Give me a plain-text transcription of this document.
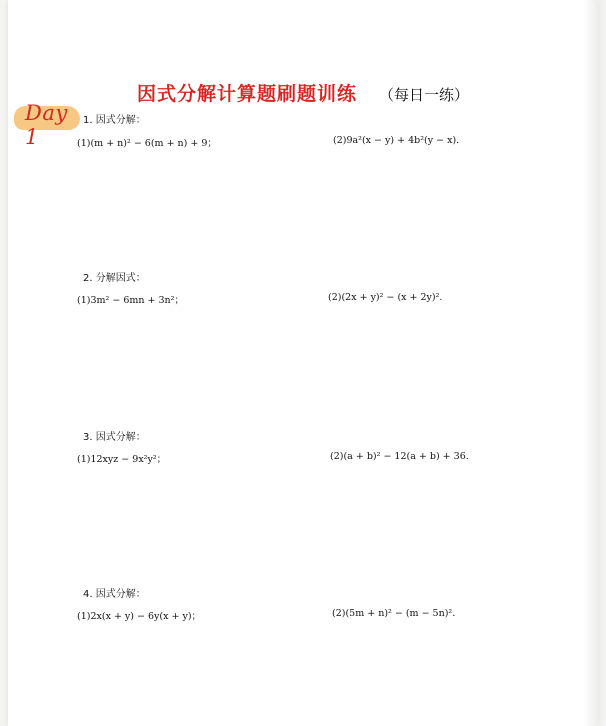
因式分解计算题刷题训练 （每日一练）
Day 1
1. 因式分解：
(1)(m + n)² − 6(m + n) + 9；	(2)9a²(x − y) + 4b²(y − x).
2. 分解因式：
(1)3m² − 6mn + 3n²；	(2)(2x + y)² − (x + 2y)².
3. 因式分解：
(1)12xyz − 9x²y²；	(2)(a + b)² − 12(a + b) + 36.
4. 因式分解：
(1)2x(x + y) − 6y(x + y)；	(2)(5m + n)² − (m − 5n)².
